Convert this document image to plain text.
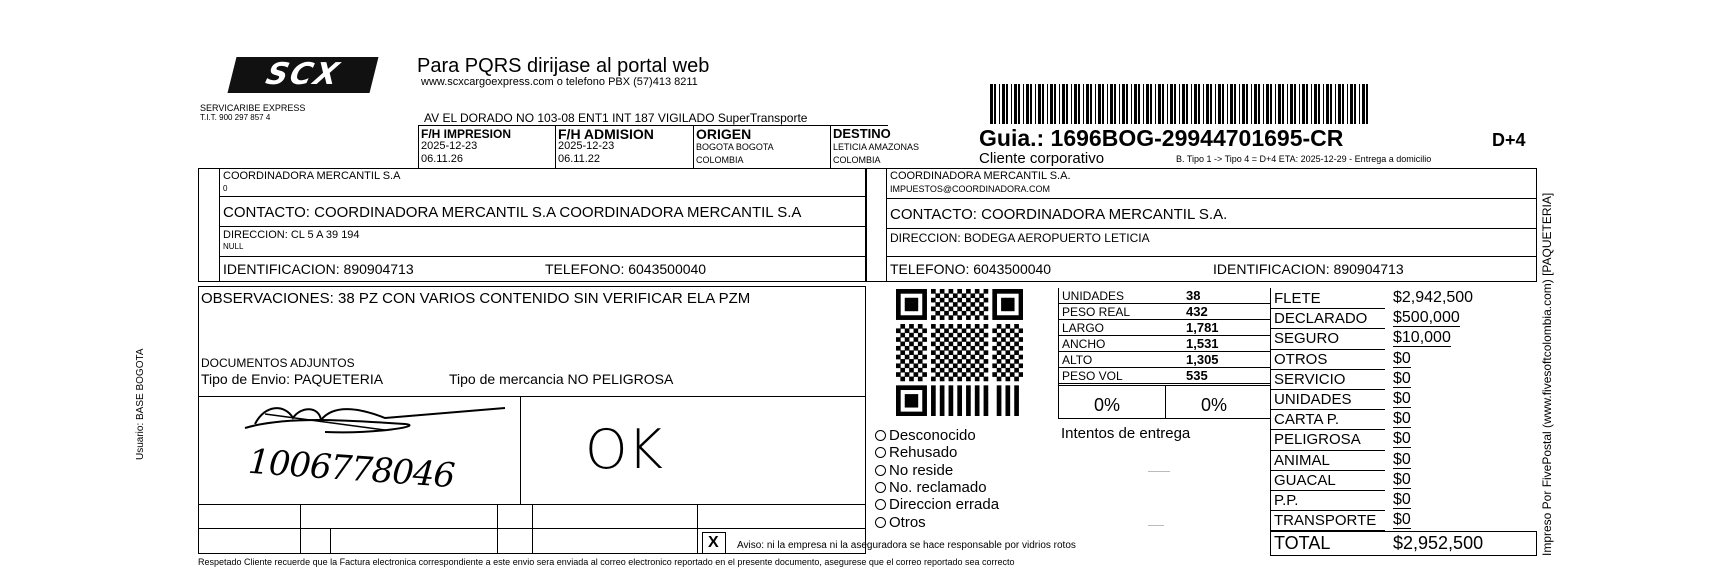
SCX
SERVICARIBE EXPRESS
T.I.T. 900 297 857 4
Para PQRS dirijase al portal web
www.scxcargoexpress.com o telefono PBX (57)413 8211
AV EL DORADO NO 103-08 ENT1 INT 187 VIGILADO SuperTransporte
F/H IMPRESION
2025-12-23
06.11.26
F/H ADMISION
2025-12-23
06.11.22
ORIGEN
BOGOTA BOGOTA
COLOMBIA
DESTINO
LETICIA AMAZONAS
COLOMBIA
Guia.: 1696BOG-29944701695-CR	D+4
Cliente corporativo	B. Tipo 1 -> Tipo 4 = D+4 ETA: 2025-12-29 - Entrega a domicilio
COORDINADORA MERCANTIL S.A
0
CONTACTO: COORDINADORA MERCANTIL S.A COORDINADORA MERCANTIL S.A
DIRECCION: CL 5 A 39 194
NULL
IDENTIFICACION: 890904713	TELEFONO: 6043500040
COORDINADORA MERCANTIL S.A.
IMPUESTOS@COORDINADORA.COM
CONTACTO: COORDINADORA MERCANTIL S.A.
DIRECCION: BODEGA AEROPUERTO LETICIA
TELEFONO: 6043500040	IDENTIFICACION: 890904713
OBSERVACIONES: 38 PZ CON VARIOS CONTENIDO SIN VERIFICAR ELA PZM
DOCUMENTOS ADJUNTOS
Tipo de Envio: PAQUETERIA	Tipo de mercancia NO PELIGROSA
X Aviso: ni la empresa ni la aseguradora se hace responsable por vidrios rotos
1006778046 OK
Usuario: BASE BOGOTA
UNIDADES	38
PESO REAL	432
LARGO	1,781
ANCHO	1,531
ALTO	1,305
PESO VOL	535
0%	0%
Desconocido
Rehusado
No reside
No. reclamado
Direccion errada
Otros
Intentos de entrega
FLETE	$2,942,500
DECLARADO $500,000
SEGURO	$10,000
OTROS	$0
SERVICIO	$0
UNIDADES	$0
CARTA P.	$0
PELIGROSA $0
ANIMAL	$0
GUACAL	$0
P.P.	$0
TRANSPORTE $0
TOTAL	$2,952,500
Respetado Cliente recuerde que la Factura electronica correspondiente a este envio sera enviada al correo electronico reportado en el presente documento, asegurese que el correo reportado sea correcto
Impreso Por FivePostal (www.fivesoftcolombia.com) [PAQUETERIA]
